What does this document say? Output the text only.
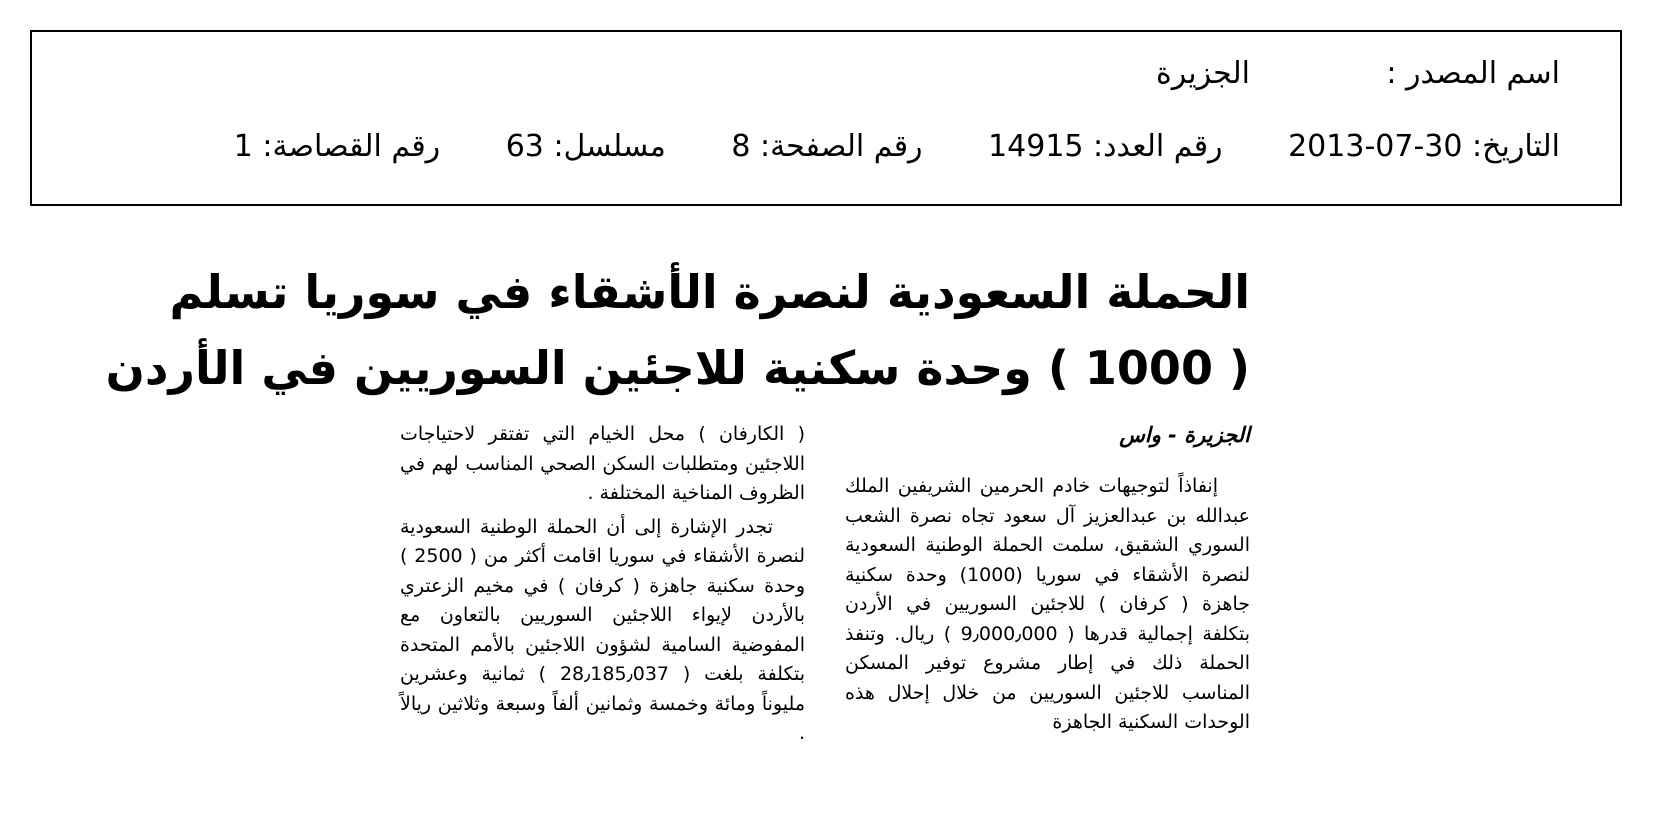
اسم المصدر :الجزيرة
التاريخ: 30-07-2013 رقم العدد: 14915 رقم الصفحة: 8 مسلسل: 63 رقم القصاصة: 1
الحملة السعودية لنصرة الأشقاء في سوريا تسلم
( 1000 ) وحدة سكنية للاجئين السوريين في الأردن
الجزيرة - واس

إنفاذاً لتوجيهات خادم الحرمين الشريفين الملك عبدالله بن عبدالعزيز آل سعود تجاه نصرة الشعب السوري الشقيق، سلمت الحملة الوطنية السعودية لنصرة الأشقاء في سوريا (1000) وحدة سكنية جاهزة ( كرفان ) للاجئين السوريين في الأردن بتكلفة إجمالية قدرها ( 9٫000٫000 ) ريال. وتنفذ الحملة ذلك في إطار مشروع توفير المسكن المناسب للاجئين السوريين من خلال إحلال هذه الوحدات السكنية الجاهزة

( الكارفان ) محل الخيام التي تفتقر لاحتياجات اللاجئين ومتطلبات السكن الصحي المناسب لهم في الظروف المناخية المختلفة .

تجدر الإشارة إلى أن الحملة الوطنية السعودية لنصرة الأشقاء في سوريا اقامت أكثر من ( 2500 ) وحدة سكنية جاهزة ( كرفان ) في مخيم الزعتري بالأردن لإيواء اللاجئين السوريين بالتعاون مع المفوضية السامية لشؤون اللاجئين بالأمم المتحدة بتكلفة بلغت ( 28٫185٫037 ) ثمانية وعشرين مليوناً ومائة وخمسة وثمانين ألفاً وسبعة وثلاثين ريالاً .
